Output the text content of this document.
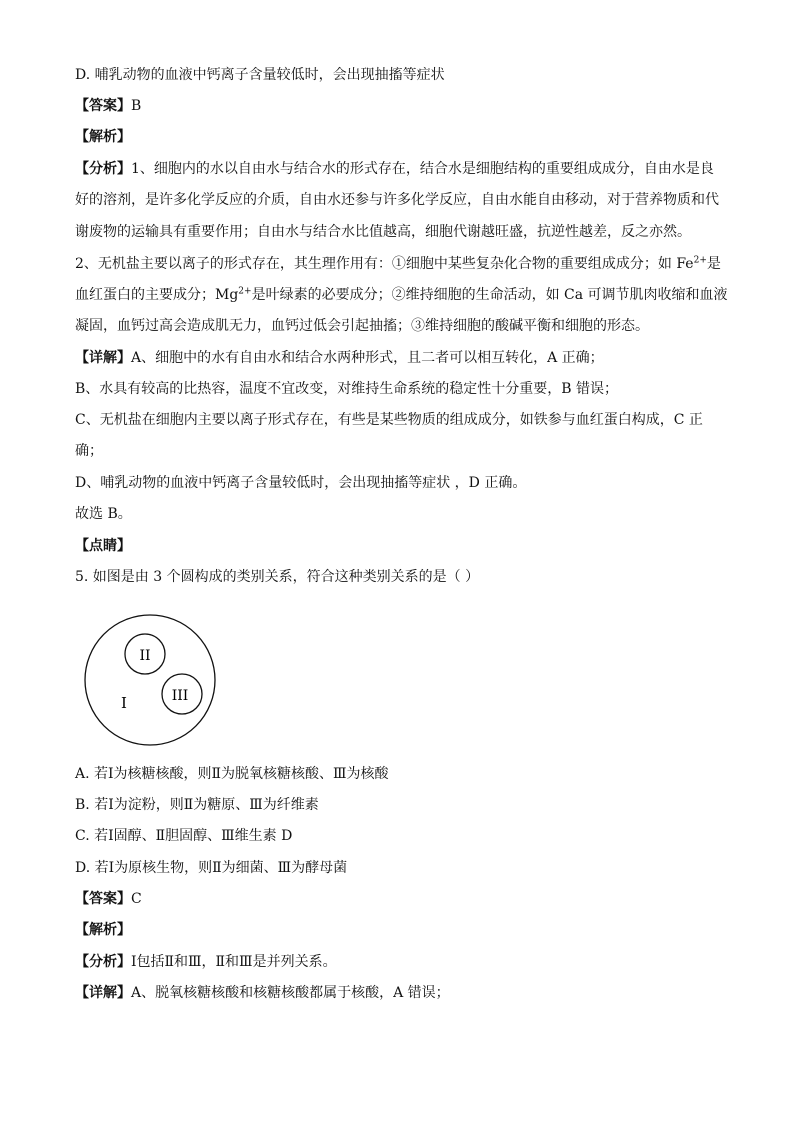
D. 哺乳动物的血液中钙离子含量较低时，会出现抽搐等症状
【答案】B
【解析】
【分析】1、细胞内的水以自由水与结合水的形式存在，结合水是细胞结构的重要组成成分，自由水是良
好的溶剂，是许多化学反应的介质，自由水还参与许多化学反应，自由水能自由移动，对于营养物质和代
谢废物的运输具有重要作用；自由水与结合水比值越高，细胞代谢越旺盛，抗逆性越差，反之亦然。
2、无机盐主要以离子的形式存在，其生理作用有：①细胞中某些复杂化合物的重要组成成分；如 $Fe^{2+}$是
血红蛋白的主要成分；$Mg^{2+}$是叶绿素的必要成分；②维持细胞的生命活动，如 Ca 可调节肌肉收缩和血液
凝固，血钙过高会造成肌无力，血钙过低会引起抽搐；③维持细胞的酸碱平衡和细胞的形态。
【详解】A、细胞中的水有自由水和结合水两种形式，且二者可以相互转化，A 正确；
B、水具有较高的比热容，温度不宜改变，对维持生命系统的稳定性十分重要，B 错误；
C、无机盐在细胞内主要以离子形式存在，有些是某些物质的组成成分，如铁参与血红蛋白构成，C 正
确；
D、哺乳动物的血液中钙离子含量较低时，会出现抽搐等症状 ，D 正确。
故选 B。
【点睛】
5. 如图是由 3 个圆构成的类别关系，符合这种类别关系的是（ ）
II
III
I
A. 若Ⅰ为核糖核酸，则Ⅱ为脱氧核糖核酸、Ⅲ为核酸
B. 若Ⅰ为淀粉，则Ⅱ为糖原、Ⅲ为纤维素
C. 若Ⅰ固醇、Ⅱ胆固醇、Ⅲ维生素 D
D. 若Ⅰ为原核生物，则Ⅱ为细菌、Ⅲ为酵母菌
【答案】C
【解析】
【分析】Ⅰ包括Ⅱ和Ⅲ，Ⅱ和Ⅲ是并列关系。
【详解】A、脱氧核糖核酸和核糖核酸都属于核酸，A 错误；
